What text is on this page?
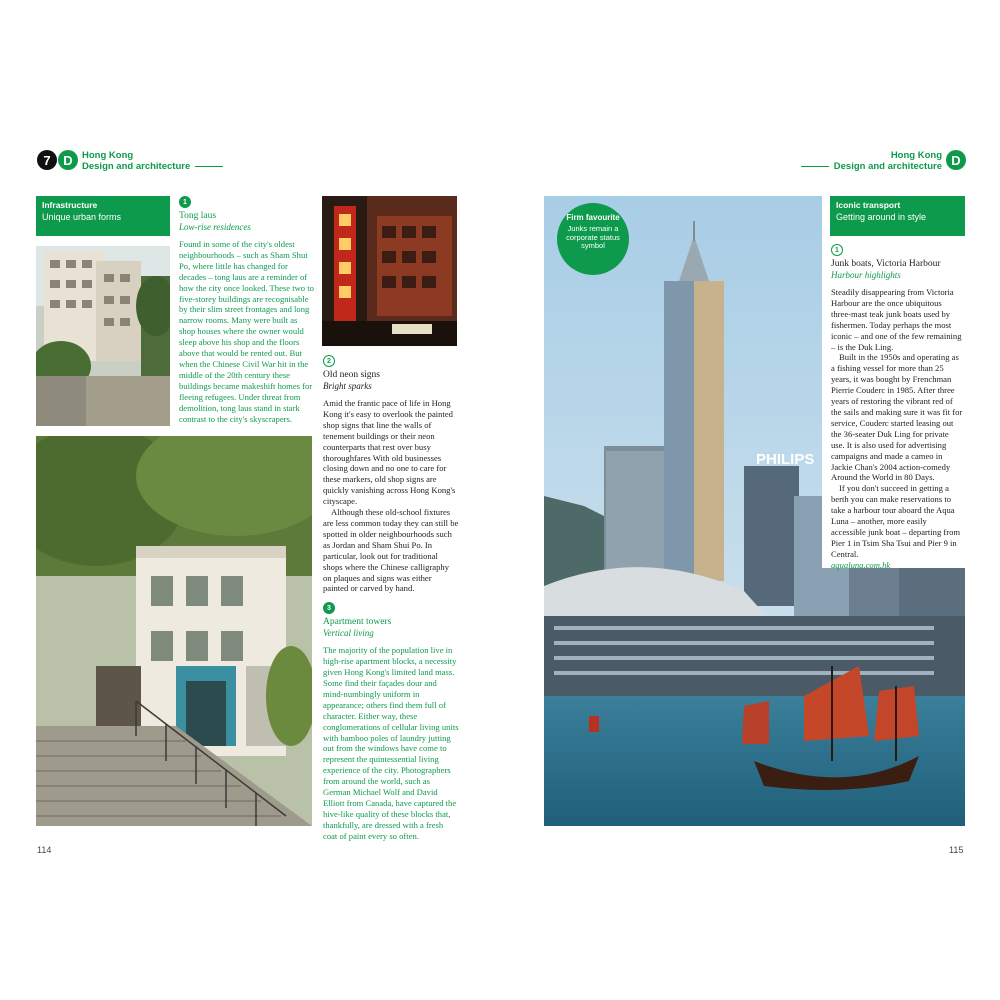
7 D Hong Kong
Design and architecture
Hong Kong
Design and architecture D
Infrastructure
Unique urban forms
1
Tong laus
Low-rise residences

Found in some of the city's oldest neighbourhoods – such as Sham Shui Po, where little has changed for decades – tong laus are a reminder of how the city once looked. These two to five-storey buildings are recognisable by their slim street frontages and long narrow rooms. Many were built as shop houses where the owner would sleep above his shop and the floors above that would be rented out. But when the Chinese Civil War hit in the middle of the 20th century these buildings became makeshift homes for fleeing refugees. Under threat from demolition, tong laus stand in stark contrast to the city's skyscrapers.

2
Old neon signs
Bright sparks

Amid the frantic pace of life in Hong Kong it's easy to overlook the painted shop signs that line the walls of tenement buildings or their neon counterparts that rest over busy thoroughfares With old businesses closing down and no one to care for these markers, old shop signs are quickly vanishing across Hong Kong's cityscape.

Although these old-school fixtures are less common today they can still be spotted in older neighbourhoods such as Jordan and Sham Shui Po. In particular, look out for traditional shops where the Chinese calligraphy on plaques and signs was either painted or carved by hand.

3
Apartment towers
Vertical living

The majority of the population live in high-rise apartment blocks, a necessity given Hong Kong's limited land mass. Some find their façades dour and mind-numbingly uniform in appearance; others find them full of character. Either way, these conglomerations of cellular living units with bamboo poles of laundry jutting out from the windows have come to represent the quintessential living experience of the city. Photographers from around the world, such as German Michael Wolf and David Elliott from Canada, have captured the hive-like quality of these blocks that, thankfully, are dressed with a fresh coat of paint every so often.

114
PHILIPS
Firm favourite
Junks remain a corporate status symbol
Iconic transport
Getting around in style
1
Junk boats, Victoria Harbour
Harbour highlights

Steadily disappearing from Victoria Harbour are the once ubiquitous three-mast teak junk boats used by fishermen. Today perhaps the most iconic – and one of the few remaining – is the Duk Ling.

Built in the 1950s and operating as a fishing vessel for more than 25 years, it was bought by Frenchman Pierrie Couderc in 1985. After three years of restoring the vibrant red of the sails and making sure it was fit for service, Couderc started leasing out the 36-seater Duk Ling for private use. It is also used for advertising campaigns and made a cameo in Jackie Chan's 2004 action-comedy Around the World in 80 Days.

If you don't succeed in getting a berth you can make reservations to take a harbour tour aboard the Aqua Luna – another, more easily accessible junk boat – departing from Pier 1 in Tsim Sha Tsui and Pier 9 in Central.

aqualuna.com.hk

115
